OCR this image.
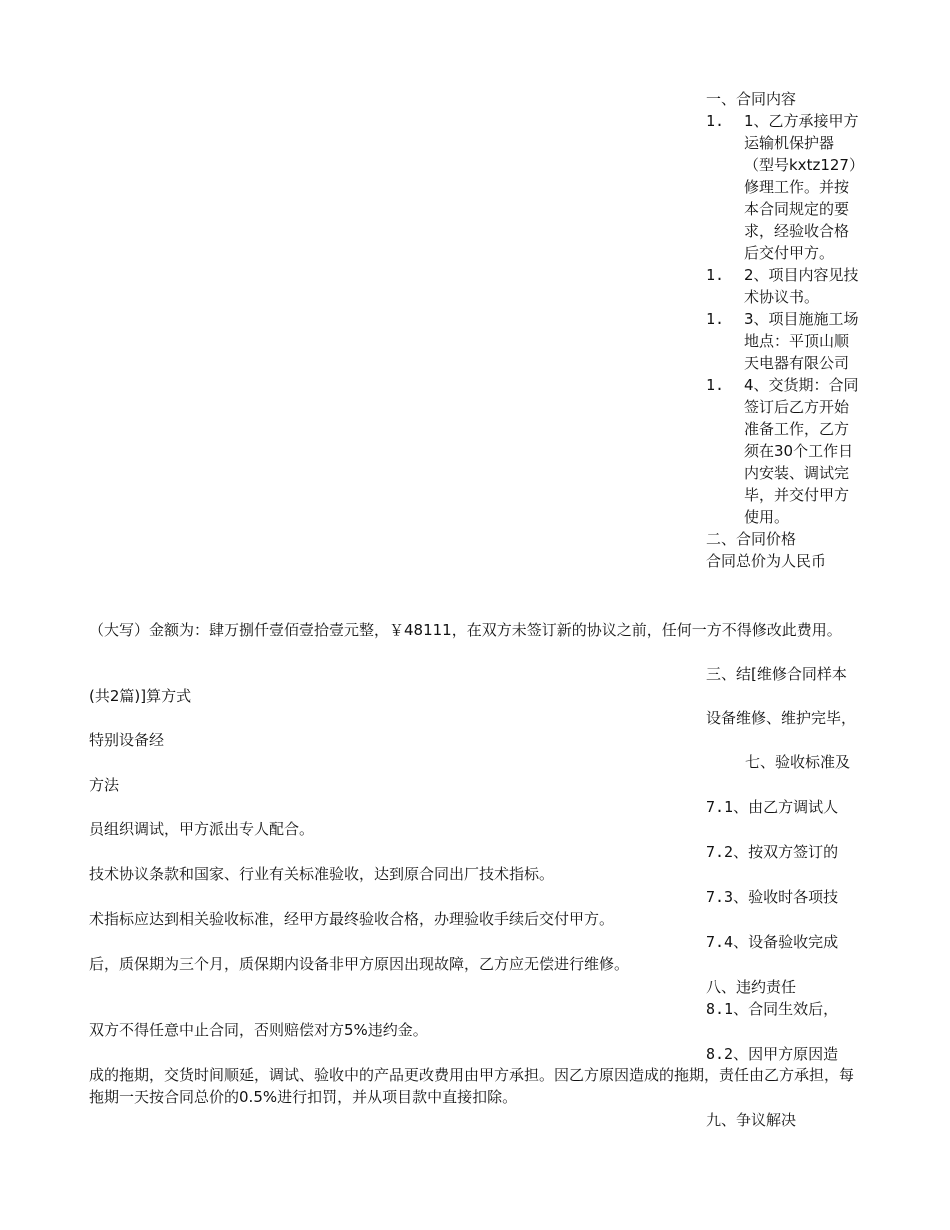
一、合同内容

1.	1、乙方承接甲方运输机保护器（型号kxtz127）修理工作。并按本合同规定的要求，经验收合格后交付甲方。
1.	2、项目内容见技术协议书。
1.	3、项目施施工场地点：平顶山顺天电器有限公司
1.	4、交货期：合同签订后乙方开始准备工作，乙方须在30个工作日内安装、调试完毕，并交付甲方使用。

二、合同价格

合同总价为人民币

（大写）金额为：肆万捌仟壹佰壹拾壹元整，￥48111，在双方未签订新的协议之前，任何一方不得修改此费用。

三、结[维修合同样本

(共2篇)]算方式

设备维修、维护完毕，

特别设备经

七、验收标准及

方法

7.1、由乙方调试人

员组织调试，甲方派出专人配合。

7.2、按双方签订的

技术协议条款和国家、行业有关标准验收，达到原合同出厂技术指标。

7.3、验收时各项技

术指标应达到相关验收标准，经甲方最终验收合格，办理验收手续后交付甲方。

7.4、设备验收完成

后，质保期为三个月，质保期内设备非甲方原因出现故障，乙方应无偿进行维修。

八、违约责任

8.1、合同生效后，

双方不得任意中止合同，否则赔偿对方5%违约金。

8.2、因甲方原因造

成的拖期，交货时间顺延，调试、验收中的产品更改费用由甲方承担。因乙方原因造成的拖期，责任由乙方承担，每拖期一天按合同总价的0.5%进行扣罚，并从项目款中直接扣除。

九、争议解决
